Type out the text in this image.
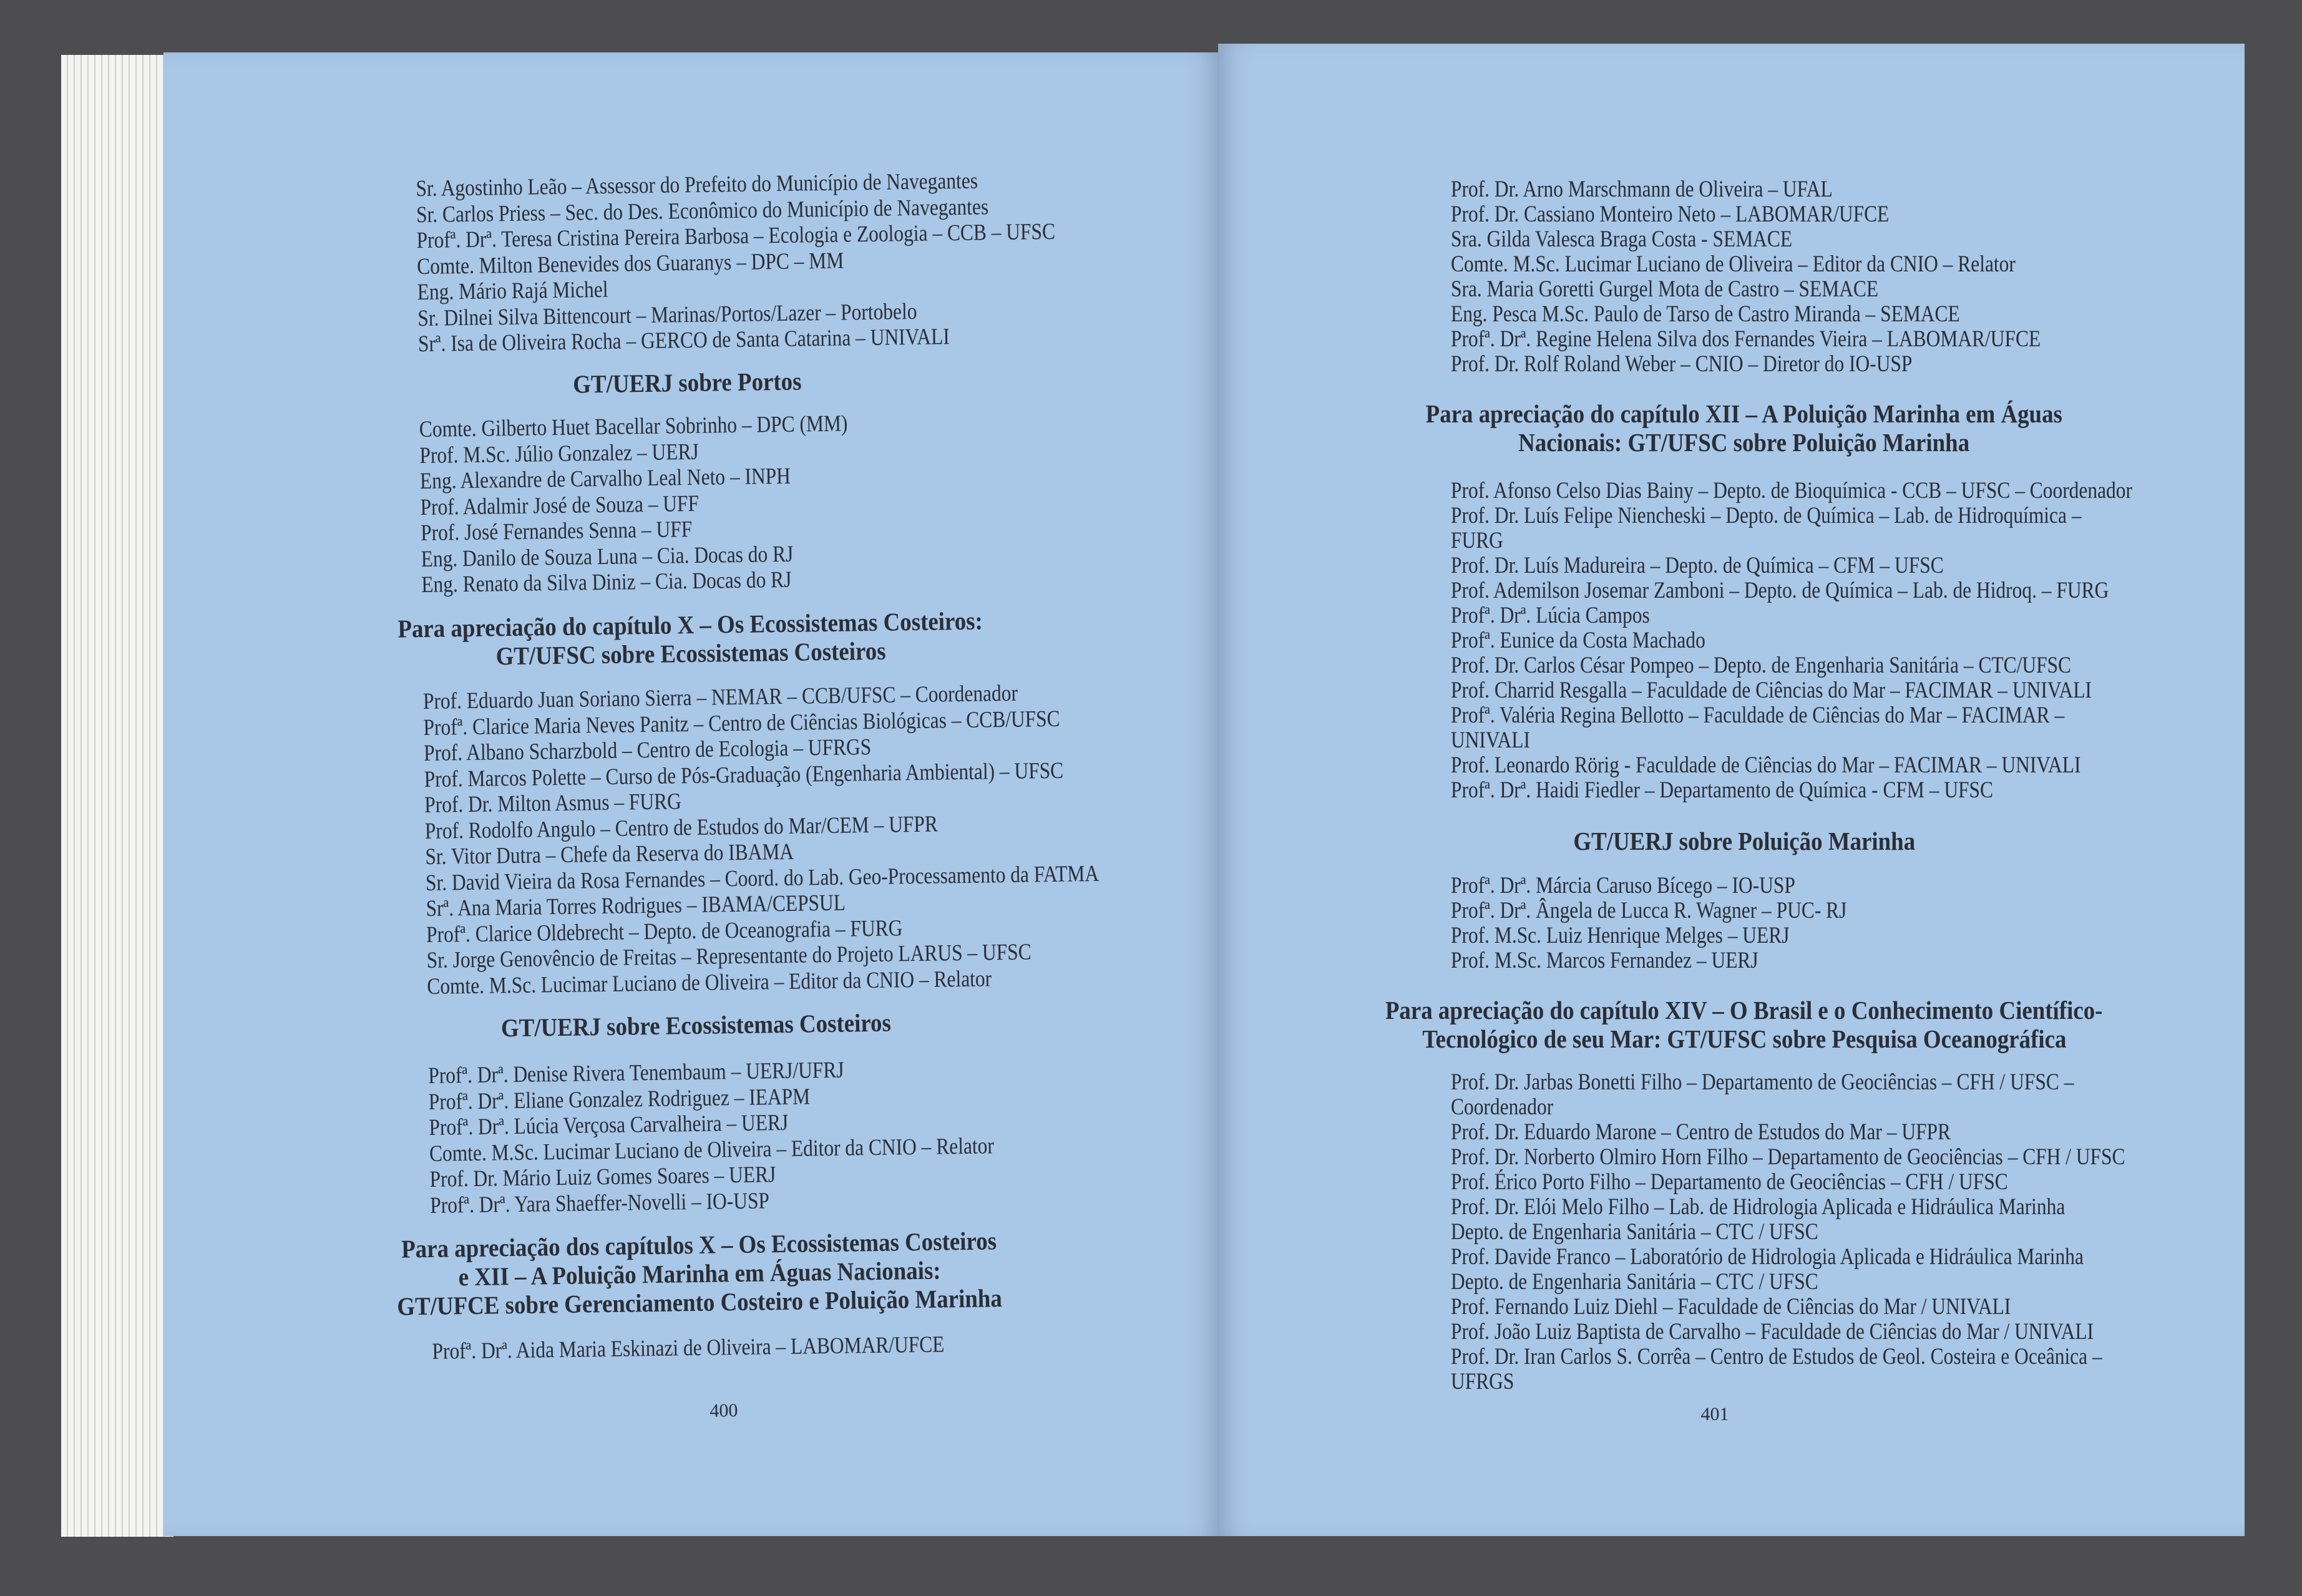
Sr. Agostinho Leão – Assessor do Prefeito do Município de Navegantes
Sr. Carlos Priess – Sec. do Des. Econômico do Município de Navegantes
Profª. Drª. Teresa Cristina Pereira Barbosa – Ecologia e Zoologia – CCB – UFSC
Comte. Milton Benevides dos Guaranys – DPC – MM
Eng. Mário Rajá Michel
Sr. Dilnei Silva Bittencourt – Marinas/Portos/Lazer – Portobelo
Srª. Isa de Oliveira Rocha – GERCO de Santa Catarina – UNIVALI
GT/UERJ sobre Portos
Comte. Gilberto Huet Bacellar Sobrinho – DPC (MM)
Prof. M.Sc. Júlio Gonzalez – UERJ
Eng. Alexandre de Carvalho Leal Neto – INPH
Prof. Adalmir José de Souza – UFF
Prof. José Fernandes Senna – UFF
Eng. Danilo de Souza Luna – Cia. Docas do RJ
Eng. Renato da Silva Diniz – Cia. Docas do RJ
Para apreciação do capítulo X – Os Ecossistemas Costeiros:
GT/UFSC sobre Ecossistemas Costeiros
Prof. Eduardo Juan Soriano Sierra – NEMAR – CCB/UFSC – Coordenador
Profª. Clarice Maria Neves Panitz – Centro de Ciências Biológicas – CCB/UFSC
Prof. Albano Scharzbold – Centro de Ecologia – UFRGS
Prof. Marcos Polette – Curso de Pós-Graduação (Engenharia Ambiental) – UFSC
Prof. Dr. Milton Asmus – FURG
Prof. Rodolfo Angulo – Centro de Estudos do Mar/CEM – UFPR
Sr. Vitor Dutra – Chefe da Reserva do IBAMA
Sr. David Vieira da Rosa Fernandes – Coord. do Lab. Geo-Processamento da FATMA
Srª. Ana Maria Torres Rodrigues – IBAMA/CEPSUL
Profª. Clarice Oldebrecht – Depto. de Oceanografia – FURG
Sr. Jorge Genovêncio de Freitas – Representante do Projeto LARUS – UFSC
Comte. M.Sc. Lucimar Luciano de Oliveira – Editor da CNIO – Relator
GT/UERJ sobre Ecossistemas Costeiros
Profª. Drª. Denise Rivera Tenembaum – UERJ/UFRJ
Profª. Drª. Eliane Gonzalez Rodriguez – IEAPM
Profª. Drª. Lúcia Verçosa Carvalheira – UERJ
Comte. M.Sc. Lucimar Luciano de Oliveira – Editor da CNIO – Relator
Prof. Dr. Mário Luiz Gomes Soares – UERJ
Profª. Drª. Yara Shaeffer-Novelli – IO-USP
Para apreciação dos capítulos X – Os Ecossistemas Costeiros
e XII – A Poluição Marinha em Águas Nacionais:
GT/UFCE sobre Gerenciamento Costeiro e Poluição Marinha
Profª. Drª. Aida Maria Eskinazi de Oliveira – LABOMAR/UFCE
400
Prof. Dr. Arno Marschmann de Oliveira – UFAL
Prof. Dr. Cassiano Monteiro Neto – LABOMAR/UFCE
Sra. Gilda Valesca Braga Costa - SEMACE
Comte. M.Sc. Lucimar Luciano de Oliveira – Editor da CNIO – Relator
Sra. Maria Goretti Gurgel Mota de Castro – SEMACE
Eng. Pesca M.Sc. Paulo de Tarso de Castro Miranda – SEMACE
Profª. Drª. Regine Helena Silva dos Fernandes Vieira – LABOMAR/UFCE
Prof. Dr. Rolf Roland Weber – CNIO – Diretor do IO-USP
Para apreciação do capítulo XII – A Poluição Marinha em Águas
Nacionais: GT/UFSC sobre Poluição Marinha
Prof. Afonso Celso Dias Bainy – Depto. de Bioquímica - CCB – UFSC – Coordenador
Prof. Dr. Luís Felipe Niencheski – Depto. de Química – Lab. de Hidroquímica –
FURG
Prof. Dr. Luís Madureira – Depto. de Química – CFM – UFSC
Prof. Ademilson Josemar Zamboni – Depto. de Química – Lab. de Hidroq. – FURG
Profª. Drª. Lúcia Campos
Profª. Eunice da Costa Machado
Prof. Dr. Carlos César Pompeo – Depto. de Engenharia Sanitária – CTC/UFSC
Prof. Charrid Resgalla – Faculdade de Ciências do Mar – FACIMAR – UNIVALI
Profª. Valéria Regina Bellotto – Faculdade de Ciências do Mar – FACIMAR –
UNIVALI
Prof. Leonardo Rörig - Faculdade de Ciências do Mar – FACIMAR – UNIVALI
Profª. Drª. Haidi Fiedler – Departamento de Química - CFM – UFSC
GT/UERJ sobre Poluição Marinha
Profª. Drª. Márcia Caruso Bícego – IO-USP
Profª. Drª. Ângela de Lucca R. Wagner – PUC- RJ
Prof. M.Sc. Luiz Henrique Melges – UERJ
Prof. M.Sc. Marcos Fernandez – UERJ
Para apreciação do capítulo XIV – O Brasil e o Conhecimento Científico-
Tecnológico de seu Mar: GT/UFSC sobre Pesquisa Oceanográfica
Prof. Dr. Jarbas Bonetti Filho – Departamento de Geociências – CFH / UFSC –
Coordenador
Prof. Dr. Eduardo Marone – Centro de Estudos do Mar – UFPR
Prof. Dr. Norberto Olmiro Horn Filho – Departamento de Geociências – CFH / UFSC
Prof. Érico Porto Filho – Departamento de Geociências – CFH / UFSC
Prof. Dr. Elói Melo Filho – Lab. de Hidrologia Aplicada e Hidráulica Marinha
Depto. de Engenharia Sanitária – CTC / UFSC
Prof. Davide Franco – Laboratório de Hidrologia Aplicada e Hidráulica Marinha
Depto. de Engenharia Sanitária – CTC / UFSC
Prof. Fernando Luiz Diehl – Faculdade de Ciências do Mar / UNIVALI
Prof. João Luiz Baptista de Carvalho – Faculdade de Ciências do Mar / UNIVALI
Prof. Dr. Iran Carlos S. Corrêa – Centro de Estudos de Geol. Costeira e Oceânica –
UFRGS
401
